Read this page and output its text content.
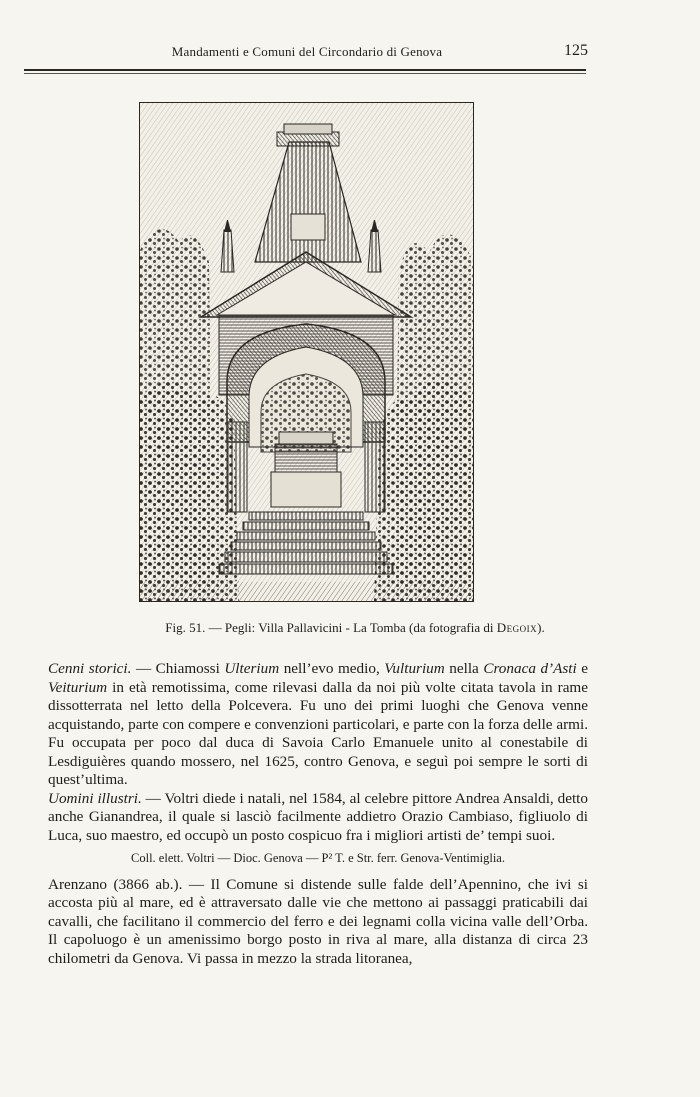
Mandamenti e Comuni del Circondario di Genova	125
Fig. 51. — Pegli: Villa Pallavicini - La Tomba (da fotografia di Degoix).

Cenni storici. — Chiamossi Ulterium nell’evo medio, Vulturium nella Cronaca d’Asti e Veiturium in età remotissima, come rilevasi dalla da noi più volte citata tavola in rame dissotterrata nel letto della Polcevera. Fu uno dei primi luoghi che Genova venne acquistando, parte con compere e convenzioni particolari, e parte con la forza delle armi. Fu occupata per poco dal duca di Savoia Carlo Emanuele unito al conestabile di Lesdiguières quando mossero, nel 1625, contro Genova, e seguì poi sempre le sorti di quest’ultima.

Uomini illustri. — Voltri diede i natali, nel 1584, al celebre pittore Andrea Ansaldi, detto anche Gianandrea, il quale si lasciò facilmente addietro Orazio Cambiaso, figliuolo di Luca, suo maestro, ed occupò un posto cospicuo fra i migliori artisti de’ tempi suoi.

Coll. elett. Voltri — Dioc. Genova — P² T. e Str. ferr. Genova-Ventimiglia.

Arenzano (3866 ab.). — Il Comune si distende sulle falde dell’Apennino, che ivi si accosta più al mare, ed è attraversato dalle vie che mettono ai passaggi praticabili dai cavalli, che facilitano il commercio del ferro e dei legnami colla vicina valle dell’Orba. Il capoluogo è un amenissimo borgo posto in riva al mare, alla distanza di circa 23 chilometri da Genova. Vi passa in mezzo la strada litoranea,
